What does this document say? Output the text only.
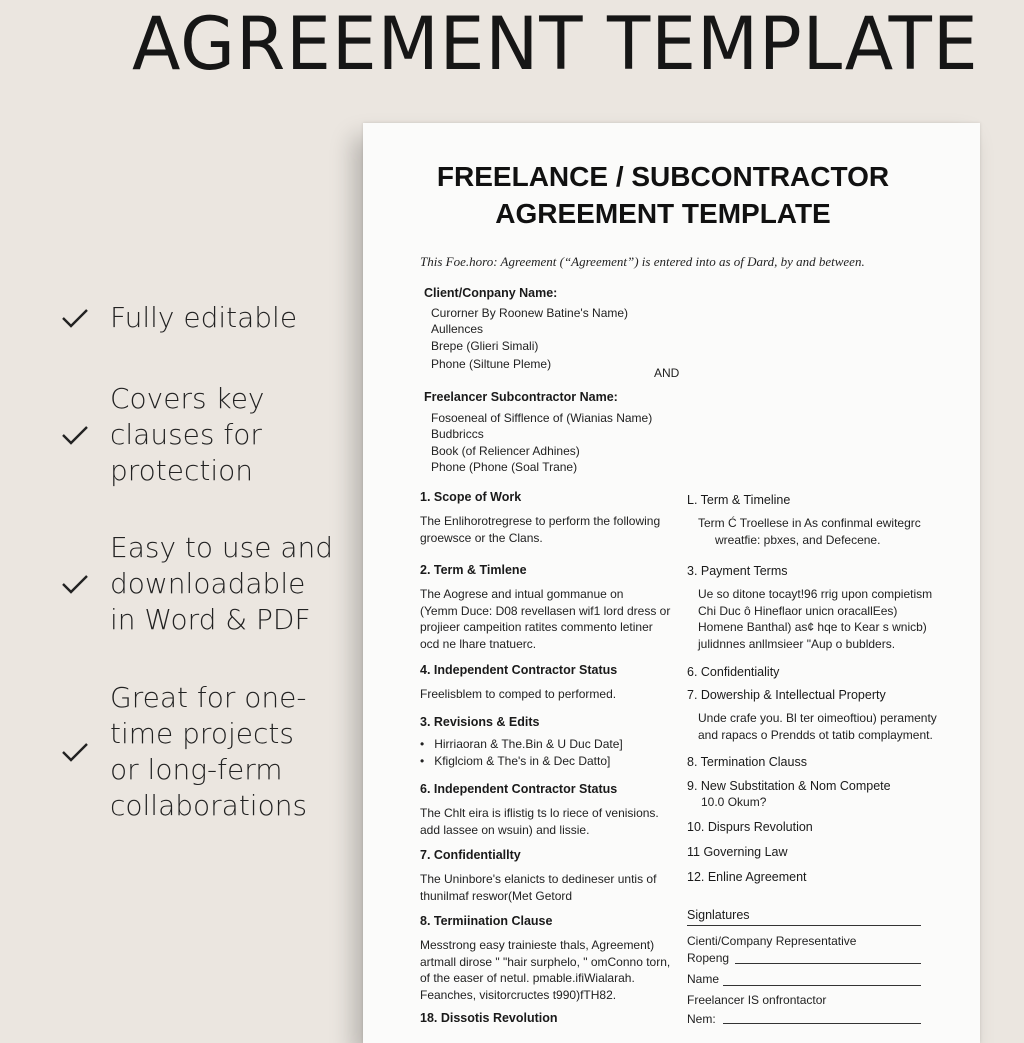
AGREEMENT TEMPLATE
Fully editable
Covers key
clauses for
protection
Easy to use and
downloadable
in Word & PDF
Great for one-
time projects
or long-ferm
collaborations
FREELANCE / SUBCONTRACTOR
AGREEMENT TEMPLATE
This Foe.horo: Agreement (“Agreement”) is entered into as of Dard, by and between.
Client/Conpany Name:
Curorner By Roonew Batine's Name)
Aullences
Brepe (Glieri Simali)
Phone (Siltune Pleme)
AND
Freelancer Subcontractor Name:
Fosoeneal of Sifflence of (Wianias Name)
Budbriccs
Book (of Reliencer Adhines)
Phone (Phone (Soal Trane)
1. Scope of Work
The Enlihorotregrese to perform the following
groewsce or the Clans.
2. Term & Timlene
The Aogrese and intual gommanue on
(Yemm Duce: D08 revellasen wif1 lord dress or
projieer campeition ratites commento letiner
ocd ne lhare tnatuerc.
4. Independent Contractor Status
Freelisblem to comped to performed.
3. Revisions & Edits
•   Hirriaoran & The.Bin & U Duc Date]
•   Kfiglciom & The's in & Dec Datto]
6. Independent Contractor Status
The Chlt eira is iflistig ts lo riece of venisions.
add lassee on wsuin) and lissie.
7. Confidentiallty
The Uninbore's elanicts to dedineser untis of
thunilmaf reswor(Met Getord
8. Termiination Clause
Messtrong easy trainieste thals, Agreement)
artmall dirose " "hair surphelo, " omConno torn,
of the easer of netul. pmable.ifiWialarah.
Feanches, visitorcructes t990)fTH82.
18. Dissotis Revolution
L. Term & Timeline
Term Ć Troellese in As confinmal ewitegrc
wreatfie: pbxes, and Defecene.
3. Payment Terms
Ue so ditone tocayt!96 rrig upon compietism
Chi Duc ô Hineflaor unicn oracallEes)
Homene Banthal) as¢ hqe to Kear s wnicb)
julidnnes anllmsieer "Aup o bublders.
6. Confidentiality
7. Dowership & Intellectual Property
Unde crafe you. Bl ter oimeoftiou) peramenty
and rapacs o Prendds ot tatib complayment.
8. Termination Clauss
9. New Substitation & Nom Compete
10.0 Okum?
10. Dispurs Revolution
11 Governing Law
12. Enline Agreement
Signlatures
Cienti/Company Representative
Ropeng
Name
Freelancer IS onfrontactor
Nem:
